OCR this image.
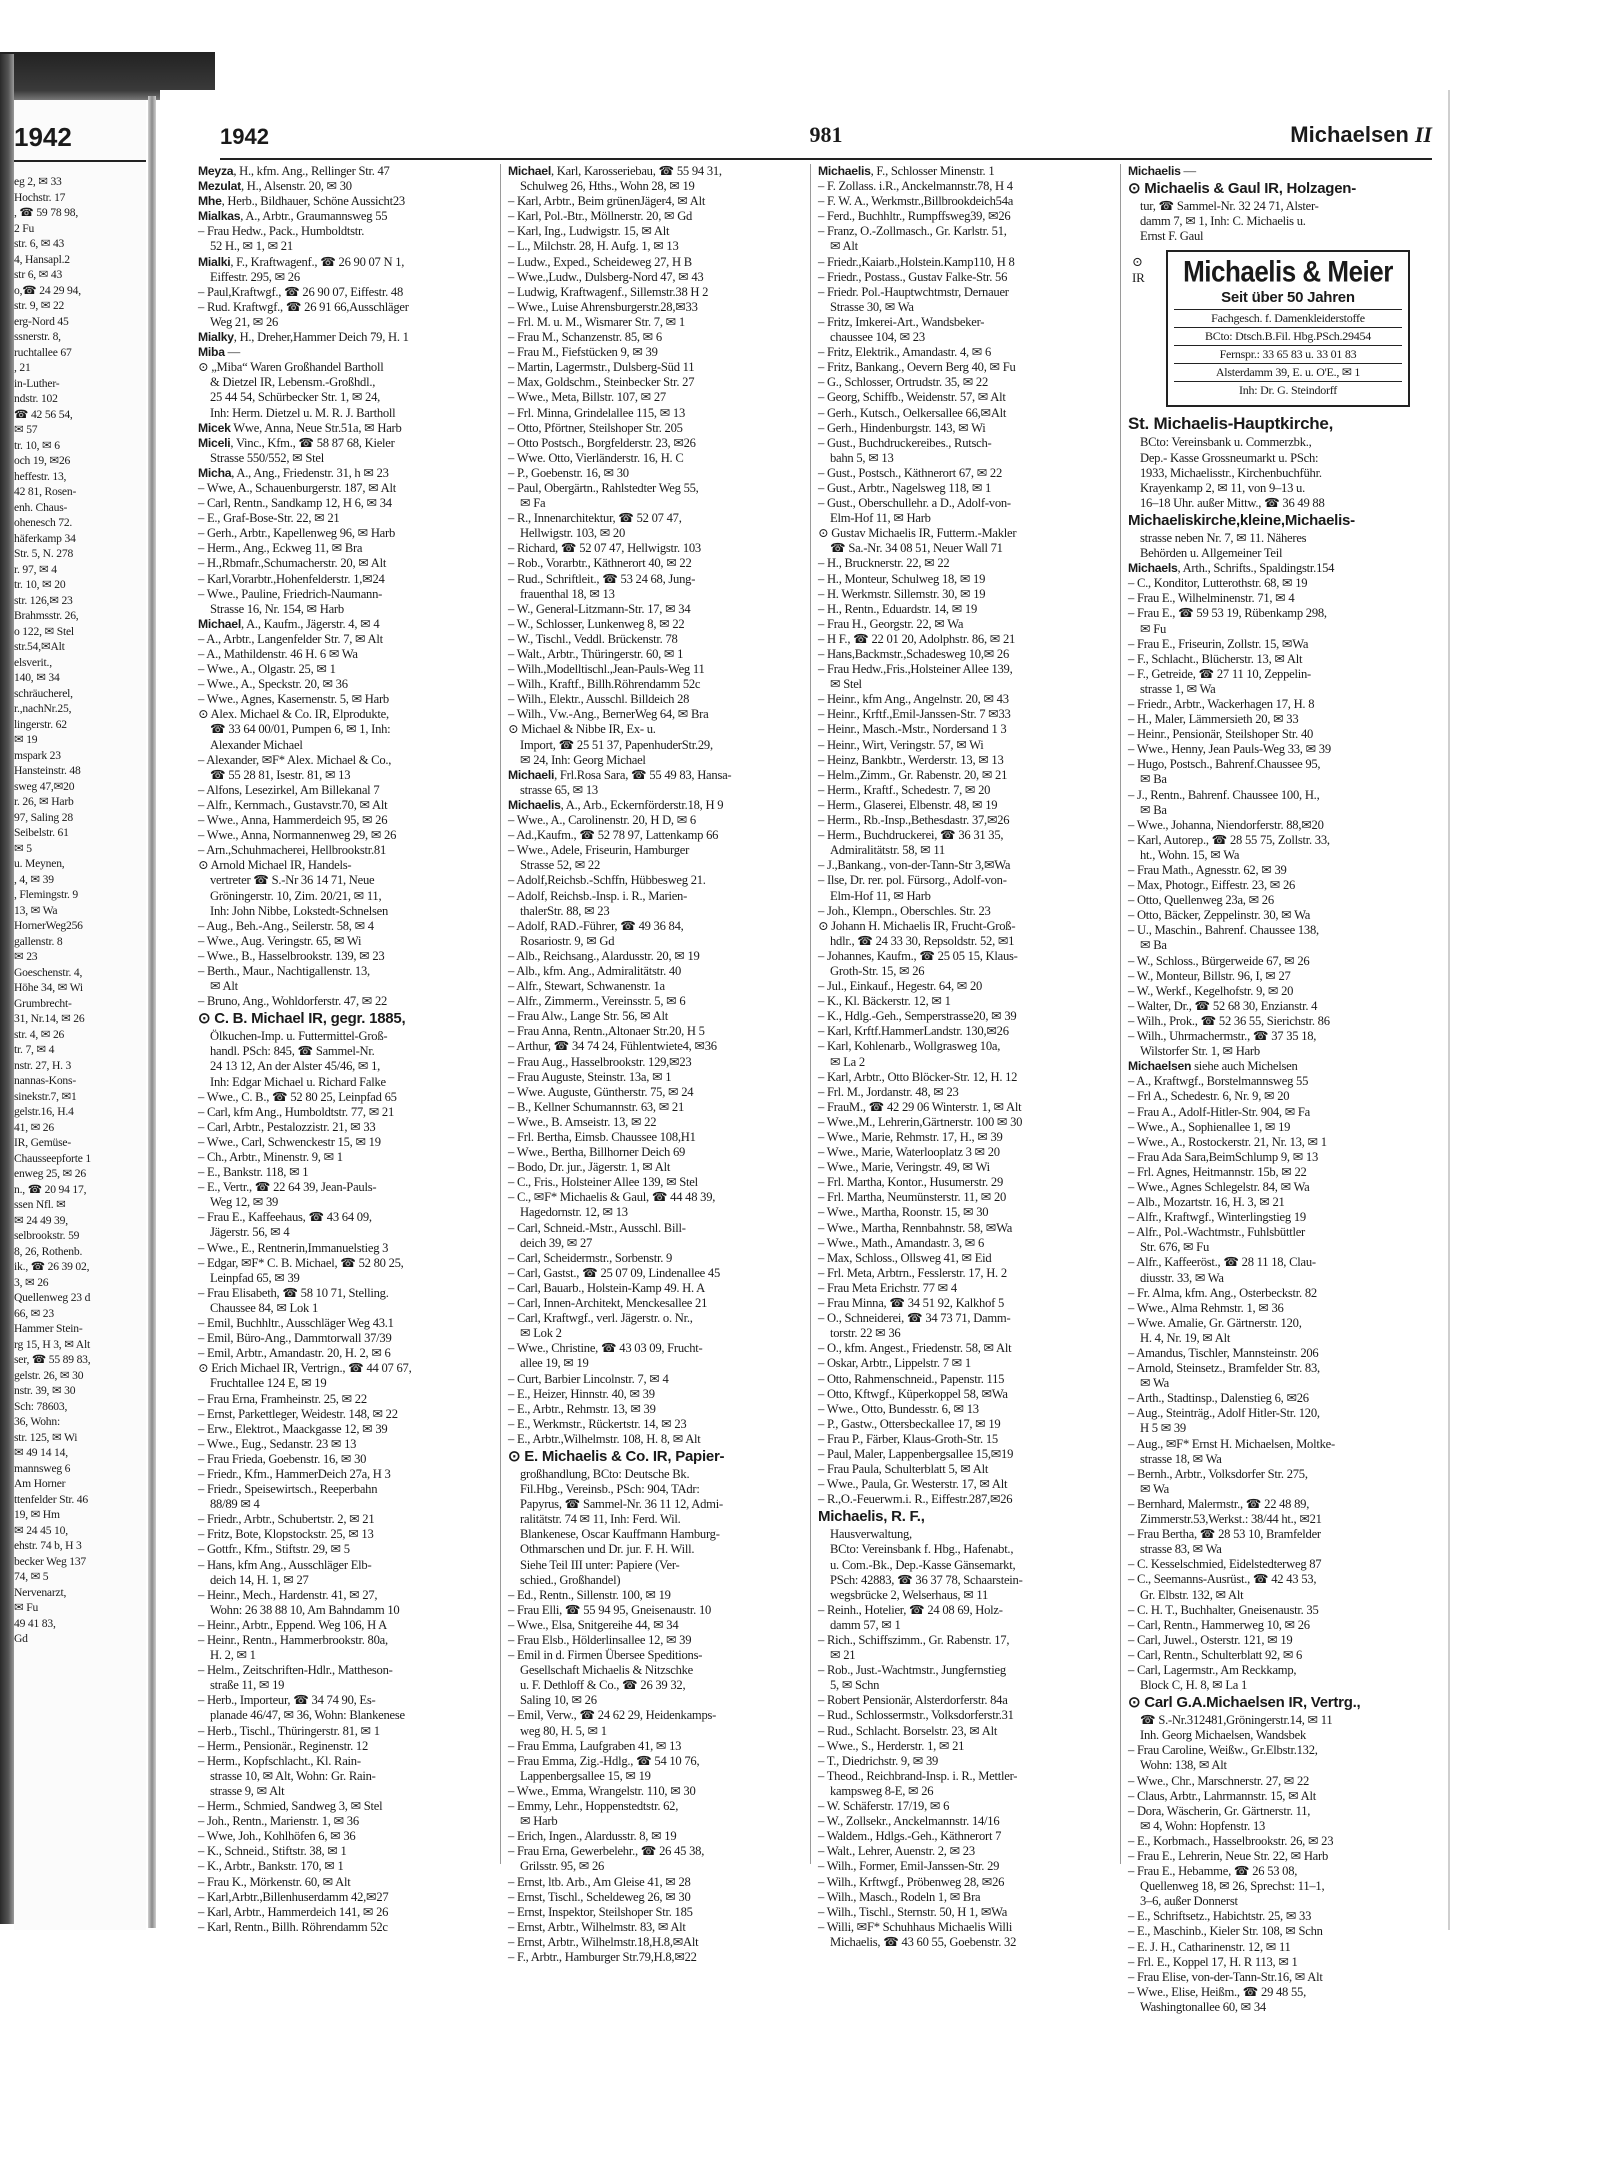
1942
eg 2, ✉ 33
Hochstr. 17
, ☎ 59 78 98,
2 Fu
str. 6, ✉ 43
4, Hansapl.2
str 6, ✉ 43
o,☎ 24 29 94,
str. 9, ✉ 22
erg-Nord 45
ssnerstr. 8,
ruchtallee 67
, 21
in-Luther-
ndstr. 102
☎ 42 56 54,
✉ 57
tr. 10, ✉ 6
och 19, ✉26
heffestr. 13,
42 81, Rosen-
enh. Chaus-
ohenesch 72.
häferkamp 34
Str. 5, N. 278
r. 97, ✉ 4
tr. 10, ✉ 20
str. 126,✉ 23
Brahmsstr. 26,
o 122, ✉ Stel
str.54,✉Alt
elsverit.,
140, ✉ 34
schräucherel,
r.,nachNr.25,
lingerstr. 62
✉ 19
mspark 23
Hansteinstr. 48
sweg 47,✉20
r. 26, ✉ Harb
97, Saling 28
Seibelstr. 61
✉ 5
u. Meynen,
, 4, ✉ 39
, Flemingstr. 9
13, ✉ Wa
HornerWeg256
gallenstr. 8
✉ 23
Goeschenstr. 4,
Höhe 34, ✉ Wi
Grumbrecht-
31, Nr.14, ✉ 26
str. 4, ✉ 26
tr. 7, ✉ 4
nstr. 27, H. 3
nannas-Kons-
sinekstr.7, ✉1
gelstr.16, H.4
41, ✉ 26
IR, Gemüse-
Chausseepforte 1
enweg 25, ✉ 26
n., ☎ 20 94 17,
ssen Nfl. ✉
✉ 24 49 39,
selbrookstr. 59
8, 26, Rothenb.
ik., ☎ 26 39 02,
3, ✉ 26
Quellenweg 23 d
66, ✉ 23
Hammer Stein-
rg 15, H 3, ✉ Alt
ser, ☎ 55 89 83,
gelstr. 26, ✉ 30
nstr. 39, ✉ 30
Sch: 78603,
36, Wohn:
str. 125, ✉ Wi
✉ 49 14 14,
mannsweg 6
Am Horner
ttenfelder Str. 46
19, ✉ Hm
✉ 24 45 10,
ehstr. 74 b, H 3
becker Weg 137
74, ✉ 5
Nervenarzt,
✉ Fu
49 41 83,
Gd
1942	981	Michaelsen II
Meyza, H., kfm. Ang., Rellinger Str. 47
Mezulat, H., Alsenstr. 20, ✉ 30
Mhe, Herb., Bildhauer, Schöne Aussicht23
Mialkas, A., Arbtr., Graumannsweg 55
– Frau Hedw., Pack., Humboldtstr.
52 H., ✉ 1, ✉ 21
Mialki, F., Kraftwagenf., ☎ 26 90 07 N 1,
Eiffestr. 295, ✉ 26
– Paul,Kraftwgf., ☎ 26 90 07, Eiffestr. 48
– Rud. Kraftwgf., ☎ 26 91 66,Ausschläger
Weg 21, ✉ 26
Mialky, H., Dreher,Hammer Deich 79, H. 1
Miba —
⊙ „Miba“ Waren Großhandel Bartholl
& Dietzel IR, Lebensm.-Großhdl.,
25 44 54, Schürbecker Str. 1, ✉ 24,
Inh: Herm. Dietzel u. M. R. J. Bartholl
Micek Wwe, Anna, Neue Str.51a, ✉ Harb
Miceli, Vinc., Kfm., ☎ 58 87 68, Kieler
Strasse 550/552, ✉ Stel
Micha, A., Ang., Friedenstr. 31, h ✉ 23
– Wwe, A., Schauenburgerstr. 187, ✉ Alt
– Carl, Rentn., Sandkamp 12, H 6, ✉ 34
– E., Graf-Bose-Str. 22, ✉ 21
– Gerh., Arbtr., Kapellenweg 96, ✉ Harb
– Herm., Ang., Eckweg 11, ✉ Bra
– H.,Rbmafr.,Schumacherstr. 20, ✉ Alt
– Karl,Vorarbtr.,Hohenfelderstr. 1,✉24
– Wwe., Pauline, Friedrich-Naumann-
Strasse 16, Nr. 154, ✉ Harb
Michael, A., Kaufm., Jägerstr. 4, ✉ 4
– A., Arbtr., Langenfelder Str. 7, ✉ Alt
– A., Mathildenstr. 46 H. 6 ✉ Wa
– Wwe., A., Olgastr. 25, ✉ 1
– Wwe., A., Speckstr. 20, ✉ 36
– Wwe., Agnes, Kasernenstr. 5, ✉ Harb
⊙ Alex. Michael & Co. IR, Elprodukte,
☎ 33 64 00/01, Pumpen 6, ✉ 1, Inh:
Alexander Michael
– Alexander, ✉F* Alex. Michael & Co.,
☎ 55 28 81, Isestr. 81, ✉ 13
– Alfons, Lesezirkel, Am Billekanal 7
– Alfr., Kernmach., Gustavstr.70, ✉ Alt
– Wwe., Anna, Hammerdeich 95, ✉ 26
– Wwe., Anna, Normannenweg 29, ✉ 26
– Arn.,Schuhmacherei, Hellbrookstr.81
⊙ Arnold Michael IR, Handels-
vertreter ☎ S.-Nr 36 14 71, Neue
Gröningerstr. 10, Zim. 20/21, ✉ 11,
Inh: John Nibbe, Lokstedt-Schnelsen
– Aug., Beh.-Ang., Seilerstr. 58, ✉ 4
– Wwe., Aug. Veringstr. 65, ✉ Wi
– Wwe., B., Hasselbrookstr. 139, ✉ 23
– Berth., Maur., Nachtigallenstr. 13,
✉ Alt
– Bruno, Ang., Wohldorferstr. 47, ✉ 22
⊙ C. B. Michael IR, gegr. 1885,
Ölkuchen-Imp. u. Futtermittel-Groß-
handl. PSch: 845, ☎ Sammel-Nr.
24 13 12, An der Alster 45/46, ✉ 1,
Inh: Edgar Michael u. Richard Falke
– Wwe., C. B., ☎ 52 80 25, Leinpfad 65
– Carl, kfm Ang., Humboldtstr. 77, ✉ 21
– Carl, Arbtr., Pestalozzistr. 21, ✉ 33
– Wwe., Carl, Schwenckestr 15, ✉ 19
– Ch., Arbtr., Minenstr. 9, ✉ 1
– E., Bankstr. 118, ✉ 1
– E., Vertr., ☎ 22 64 39, Jean-Pauls-
Weg 12, ✉ 39
– Frau E., Kaffeehaus, ☎ 43 64 09,
Jägerstr. 56, ✉ 4
– Wwe., E., Rentnerin,Immanuelstieg 3
– Edgar, ✉F* C. B. Michael, ☎ 52 80 25,
Leinpfad 65, ✉ 39
– Frau Elisabeth, ☎ 58 10 71, Stelling.
Chaussee 84, ✉ Lok 1
– Emil, Buchhltr., Ausschläger Weg 43.1
– Emil, Büro-Ang., Dammtorwall 37/39
– Emil, Arbtr., Amandastr. 20, H. 2, ✉ 6
⊙ Erich Michael IR, Vertrign., ☎ 44 07 67,
Fruchtallee 124 E, ✉ 19
– Frau Erna, Framheinstr. 25, ✉ 22
– Ernst, Parkettleger, Weidestr. 148, ✉ 22
– Erw., Elektrot., Maackgasse 12, ✉ 39
– Wwe., Eug., Sedanstr. 23 ✉ 13
– Frau Frieda, Goebenstr. 16, ✉ 30
– Friedr., Kfm., HammerDeich 27a, H 3
– Friedr., Speisewirtsch., Reeperbahn
88/89 ✉ 4
– Friedr., Arbtr., Schubertstr. 2, ✉ 21
– Fritz, Bote, Klopstockstr. 25, ✉ 13
– Gottfr., Kfm., Stiftstr. 29, ✉ 5
– Hans, kfm Ang., Ausschläger Elb-
deich 14, H. 1, ✉ 27
– Heinr., Mech., Hardenstr. 41, ✉ 27,
Wohn: 26 38 88 10, Am Bahndamm 10
– Heinr., Arbtr., Eppend. Weg 106, H A
– Heinr., Rentn., Hammerbrookstr. 80a,
H. 2, ✉ 1
– Helm., Zeitschriften-Hdlr., Mattheson-
straße 11, ✉ 19
– Herb., Importeur, ☎ 34 74 90, Es-
planade 46/47, ✉ 36, Wohn: Blankenese
– Herb., Tischl., Thüringerstr. 81, ✉ 1
– Herm., Pensionär., Reginenstr. 12
– Herm., Kopfschlacht., Kl. Rain-
strasse 10, ✉ Alt, Wohn: Gr. Rain-
strasse 9, ✉ Alt
– Herm., Schmied, Sandweg 3, ✉ Stel
– Joh., Rentn., Marienstr. 1, ✉ 36
– Wwe, Joh., Kohlhöfen 6, ✉ 36
– K., Schneid., Stiftstr. 38, ✉ 1
– K., Arbtr., Bankstr. 170, ✉ 1
– Frau K., Mörkenstr. 60, ✉ Alt
– Karl,Arbtr.,Billenhuserdamm 42,✉27
– Karl, Arbtr., Hammerdeich 141, ✉ 26
– Karl, Rentn., Billh. Röhrendamm 52c
Michael, Karl, Karosseriebau, ☎ 55 94 31,
Schulweg 26, Hths., Wohn 28, ✉ 19
– Karl, Arbtr., Beim grünenJäger4, ✉ Alt
– Karl, Pol.-Btr., Möllnerstr. 20, ✉ Gd
– Karl, Ing., Ludwigstr. 15, ✉ Alt
– L., Milchstr. 28, H. Aufg. 1, ✉ 13
– Ludw., Exped., Scheideweg 27, H B
– Wwe.,Ludw., Dulsberg-Nord 47, ✉ 43
– Ludwig, Kraftwagenf., Sillemstr.38 H 2
– Wwe., Luise Ahrensburgerstr.28,✉33
– Frl. M. u. M., Wismarer Str. 7, ✉ 1
– Frau M., Schanzenstr. 85, ✉ 6
– Frau M., Fiefstücken 9, ✉ 39
– Martin, Lagermstr., Dulsberg-Süd 11
– Max, Goldschm., Steinbecker Str. 27
– Wwe., Meta, Billstr. 107, ✉ 27
– Frl. Minna, Grindelallee 115, ✉ 13
– Otto, Pförtner, Steilshoper Str. 205
– Otto Postsch., Borgfelderstr. 23, ✉26
– Wwe. Otto, Vierländerstr. 16, H. C
– P., Goebenstr. 16, ✉ 30
– Paul, Obergärtn., Rahlstedter Weg 55,
✉ Fa
– R., Innenarchitektur, ☎ 52 07 47,
Hellwigstr. 103, ✉ 20
– Richard, ☎ 52 07 47, Hellwigstr. 103
– Rob., Vorarbtr., Käthnerort 40, ✉ 22
– Rud., Schriftleit., ☎ 53 24 68, Jung-
frauenthal 18, ✉ 13
– W., General-Litzmann-Str. 17, ✉ 34
– W., Schlosser, Lunkenweg 8, ✉ 22
– W., Tischl., Veddl. Brückenstr. 78
– Walt., Arbtr., Thüringerstr. 60, ✉ 1
– Wilh.,Modelltischl.,Jean-Pauls-Weg 11
– Wilh., Kraftf., Billh.Röhrendamm 52c
– Wilh., Elektr., Ausschl. Billdeich 28
– Wilh., Vw.-Ang., BernerWeg 64, ✉ Bra
⊙ Michael & Nibbe IR, Ex- u.
Import, ☎ 25 51 37, PapenhuderStr.29,
✉ 24, Inh: Georg Michael
Michaeli, Frl.Rosa Sara, ☎ 55 49 83, Hansa-
strasse 65, ✉ 13
Michaelis, A., Arb., Eckernförderstr.18, H 9
– Wwe., A., Carolinenstr. 20, H D, ✉ 6
– Ad.,Kaufm., ☎ 52 78 97, Lattenkamp 66
– Wwe., Adele, Friseurin, Hamburger
Strasse 52, ✉ 22
– Adolf,Reichsb.-Schffn, Hübbesweg 21.
– Adolf, Reichsb.-Insp. i. R., Marien-
thalerStr. 88, ✉ 23
– Adolf, RAD.-Führer, ☎ 49 36 84,
Rosariostr. 9, ✉ Gd
– Alb., Reichsang., Alardusstr. 20, ✉ 19
– Alb., kfm. Ang., Admiralitätstr. 40
– Alfr., Stewart, Schwanenstr. 1a
– Alfr., Zimmerm., Vereinsstr. 5, ✉ 6
– Frau Alw., Lange Str. 56, ✉ Alt
– Frau Anna, Rentn.,Altonaer Str.20, H 5
– Arthur, ☎ 34 74 24, Fühlentwiete4, ✉36
– Frau Aug., Hasselbrookstr. 129,✉23
– Frau Auguste, Steinstr. 13a, ✉ 1
– Wwe. Auguste, Güntherstr. 75, ✉ 24
– B., Kellner Schumannstr. 63, ✉ 21
– Wwe., B. Amseistr. 13, ✉ 22
– Frl. Bertha, Eimsb. Chaussee 108,H1
– Wwe., Bertha, Billhorner Deich 69
– Bodo, Dr. jur., Jägerstr. 1, ✉ Alt
– C., Fris., Holsteiner Allee 139, ✉ Stel
– C., ✉F* Michaelis & Gaul, ☎ 44 48 39,
Hagedornstr. 12, ✉ 13
– Carl, Schneid.-Mstr., Ausschl. Bill-
deich 39, ✉ 27
– Carl, Scheidermstr., Sorbenstr. 9
– Carl, Gastst., ☎ 25 07 09, Lindenallee 45
– Carl, Bauarb., Holstein-Kamp 49. H. A
– Carl, Innen-Architekt, Menckesallee 21
– Carl, Kraftwgf., verl. Jägerstr. o. Nr.,
✉ Lok 2
– Wwe., Christine, ☎ 43 03 09, Frucht-
allee 19, ✉ 19
– Curt, Barbier Lincolnstr. 7, ✉ 4
– E., Heizer, Hinnstr. 40, ✉ 39
– E., Arbtr., Rehmstr. 13, ✉ 39
– E., Werkmstr., Rückertstr. 14, ✉ 23
– E., Arbtr.,Wilhelmstr. 108, H. 8, ✉ Alt
⊙ E. Michaelis & Co. IR, Papier-
großhandlung, BCto: Deutsche Bk.
Fil.Hbg., Vereinsb., PSch: 904, TAdr:
Papyrus, ☎ Sammel-Nr. 36 11 12, Admi-
ralitätstr. 74 ✉ 11, Inh: Ferd. Wil.
Blankenese, Oscar Kauffmann Hamburg-
Othmarschen und Dr. jur. F. H. Will.
Siehe Teil III unter: Papiere (Ver-
schied., Großhandel)
– Ed., Rentn., Sillenstr. 100, ✉ 19
– Frau Elli, ☎ 55 94 95, Gneisenaustr. 10
– Wwe., Elsa, Snitgereihe 44, ✉ 34
– Frau Elsb., Hölderlinsallee 12, ✉ 39
– Emil in d. Firmen Übersee Speditions-
Gesellschaft Michaelis & Nitzschke
u. F. Dethloff & Co., ☎ 26 39 32,
Saling 10, ✉ 26
– Emil, Verw., ☎ 24 62 29, Heidenkamps-
weg 80, H. 5, ✉ 1
– Frau Emma, Laufgraben 41, ✉ 13
– Frau Emma, Zig.-Hdlg., ☎ 54 10 76,
Lappenbergsallee 15, ✉ 19
– Wwe., Emma, Wrangelstr. 110, ✉ 30
– Emmy, Lehr., Hoppenstedtstr. 62,
✉ Harb
– Erich, Ingen., Alardusstr. 8, ✉ 19
– Frau Erna, Gewerbelehr., ☎ 26 45 38,
Grilsstr. 95, ✉ 26
– Ernst, ltb. Arb., Am Gleise 41, ✉ 28
– Ernst, Tischl., Scheldeweg 26, ✉ 30
– Ernst, Inspektor, Steilshoper Str. 185
– Ernst, Arbtr., Wilhelmstr. 83, ✉ Alt
– Ernst, Arbtr., Wilhelmstr.18,H.8,✉Alt
– F., Arbtr., Hamburger Str.79,H.8,✉22
Michaelis, F., Schlosser Minenstr. 1
– F. Zollass. i.R., Anckelmannstr.78, H 4
– F. W. A., Werkmstr.,Billbrookdeich54a
– Ferd., Buchhltr., Rumpffsweg39, ✉26
– Franz, O.-Zollmasch., Gr. Karlstr. 51,
✉ Alt
– Friedr.,Kaiarb.,Holstein.Kamp110, H 8
– Friedr., Postass., Gustav Falke-Str. 56
– Friedr. Pol.-Hauptwchtmstr, Dernauer
Strasse 30, ✉ Wa
– Fritz, Imkerei-Art., Wandsbeker-
chaussee 104, ✉ 23
– Fritz, Elektrik., Amandastr. 4, ✉ 6
– Fritz, Bankang., Oevern Berg 40, ✉ Fu
– G., Schlosser, Ortrudstr. 35, ✉ 22
– Georg, Schiffb., Weidenstr. 57, ✉ Alt
– Gerh., Kutsch., Oelkersallee 66,✉Alt
– Gerh., Hindenburgstr. 143, ✉ Wi
– Gust., Buchdruckereibes., Rutsch-
bahn 5, ✉ 13
– Gust., Postsch., Käthnerort 67, ✉ 22
– Gust., Arbtr., Nagelsweg 118, ✉ 1
– Gust., Oberschullehr. a D., Adolf-von-
Elm-Hof 11, ✉ Harb
⊙ Gustav Michaelis IR, Futterm.-Makler
☎ Sa.-Nr. 34 08 51, Neuer Wall 71
– H., Brucknerstr. 22, ✉ 22
– H., Monteur, Schulweg 18, ✉ 19
– H. Werkmstr. Sillemstr. 30, ✉ 19
– H., Rentn., Eduardstr. 14, ✉ 19
– Frau H., Georgstr. 22, ✉ Wa
– H F., ☎ 22 01 20, Adolphstr. 86, ✉ 21
– Hans,Backmstr.,Schadesweg 10,✉ 26
– Frau Hedw.,Fris.,Holsteiner Allee 139,
✉ Stel
– Heinr., kfm Ang., Angelnstr. 20, ✉ 43
– Heinr., Krftf.,Emil-Janssen-Str. 7 ✉33
– Heinr., Masch.-Mstr., Nordersand 1 3
– Heinr., Wirt, Veringstr. 57, ✉ Wi
– Heinz, Bankbtr., Werderstr. 13, ✉ 13
– Helm.,Zimm., Gr. Rabenstr. 20, ✉ 21
– Herm., Kraftf., Schedestr. 7, ✉ 20
– Herm., Glaserei, Elbenstr. 48, ✉ 19
– Herm., Rb.-Insp.,Bethesdastr. 37,✉26
– Herm., Buchdruckerei, ☎ 36 31 35,
Admiralitätstr. 58, ✉ 11
– J.,Bankang., von-der-Tann-Str 3,✉Wa
– Ilse, Dr. rer. pol. Fürsorg., Adolf-von-
Elm-Hof 11, ✉ Harb
– Joh., Klempn., Oberschles. Str. 23
⊙ Johann H. Michaelis IR, Frucht-Groß-
hdlr., ☎ 24 33 30, Repsoldstr. 52, ✉1
– Johannes, Kaufm., ☎ 25 05 15, Klaus-
Groth-Str. 15, ✉ 26
– Jul., Einkauf., Hegestr. 64, ✉ 20
– K., Kl. Bäckerstr. 12, ✉ 1
– K., Hdlg.-Geh., Semperstrasse20, ✉ 39
– Karl, Krftf.HammerLandstr. 130,✉26
– Karl, Kohlenarb., Wollgrasweg 10a,
✉ La 2
– Karl, Arbtr., Otto Blöcker-Str. 12, H. 12
– Frl. M., Jordanstr. 48, ✉ 23
– FrauM., ☎ 42 29 06 Winterstr. 1, ✉ Alt
– Wwe.,M., Lehrerin,Gärtnerstr. 100 ✉ 30
– Wwe., Marie, Rehmstr. 17, H., ✉ 39
– Wwe., Marie, Waterlooplatz 3 ✉ 20
– Wwe., Marie, Veringstr. 49, ✉ Wi
– Frl. Martha, Kontor., Husumerstr. 29
– Frl. Martha, Neumünsterstr. 11, ✉ 20
– Wwe., Martha, Roonstr. 15, ✉ 30
– Wwe., Martha, Rennbahnstr. 58, ✉Wa
– Wwe., Math., Amandastr. 3, ✉ 6
– Max, Schloss., Ollsweg 41, ✉ Eid
– Frl. Meta, Arbtrn., Fesslerstr. 17, H. 2
– Frau Meta Erichstr. 77 ✉ 4
– Frau Minna, ☎ 34 51 92, Kalkhof 5
– O., Schneiderei, ☎ 34 73 71, Damm-
torstr. 22 ✉ 36
– O., kfm. Angest., Friedenstr. 58, ✉ Alt
– Oskar, Arbtr., Lippelstr. 7 ✉ 1
– Otto, Rahmenschneid., Papenstr. 115
– Otto, Kftwgf., Küperkoppel 58, ✉Wa
– Wwe., Otto, Bundesstr. 6, ✉ 13
– P., Gastw., Ottersbeckallee 17, ✉ 19
– Frau P., Färber, Klaus-Groth-Str. 15
– Paul, Maler, Lappenbergsallee 15,✉19
– Frau Paula, Schulterblatt 5, ✉ Alt
– Wwe., Paula, Gr. Westerstr. 17, ✉ Alt
– R.,O.-Feuerwm.i. R., Eiffestr.287,✉26
Michaelis, R. F.,
Hausverwaltung,
BCto: Vereinsbank f. Hbg., Hafenabt.,
u. Com.-Bk., Dep.-Kasse Gänsemarkt,
PSch: 42883, ☎ 36 37 78, Schaarstein-
wegsbrücke 2, Welserhaus, ✉ 11
– Reinh., Hotelier, ☎ 24 08 69, Holz-
damm 57, ✉ 1
– Rich., Schiffszimm., Gr. Rabenstr. 17,
✉ 21
– Rob., Just.-Wachtmstr., Jungfernstieg
5, ✉ Schn
– Robert Pensionär, Alsterdorferstr. 84a
– Rud., Schlossermstr., Volksdorferstr.31
– Rud., Schlacht. Borselstr. 23, ✉ Alt
– Wwe., S., Herderstr. 1, ✉ 21
– T., Diedrichstr. 9, ✉ 39
– Theod., Reichbrand-Insp. i. R., Mettler-
kampsweg 8-E, ✉ 26
– W. Schäferstr. 17/19, ✉ 6
– W., Zollsekr., Anckelmannstr. 14/16
– Waldem., Hdlgs.-Geh., Käthnerort 7
– Walt., Lehrer, Auenstr. 2, ✉ 23
– Wilh., Former, Emil-Janssen-Str. 29
– Wilh., Krftwgf., Pröbenweg 28, ✉26
– Wilh., Masch., Rodeln 1, ✉ Bra
– Wilh., Tischl., Sternstr. 50, H 1, ✉Wa
– Willi, ✉F* Schuhhaus Michaelis Willi
Michaelis, ☎ 43 60 55, Goebenstr. 32
Michaelis —
⊙ Michaelis & Gaul IR, Holzagen-
tur, ☎ Sammel-Nr. 32 24 71, Alster-
damm 7, ✉ 1, Inh: C. Michaelis u.
Ernst F. Gaul
⊙
IR	Michaelis & Meier
Seit über 50 Jahren
Fachgesch. f. Damenkleiderstoffe
BCto: Dtsch.B.Fil. Hbg.PSch.29454
Fernspr.: 33 65 83 u. 33 01 83
Alsterdamm 39, E. u. O'E., ✉ 1
Inh: Dr. G. Steindorff
St. Michaelis-Hauptkirche,
BCto: Vereinsbank u. Commerzbk.,
Dep.- Kasse Grossneumarkt u. PSch:
1933, Michaelisstr., Kirchenbuchführ.
Krayenkamp 2, ✉ 11, von 9–13 u.
16–18 Uhr. außer Mittw., ☎ 36 49 88
Michaeliskirche,kleine,Michaelis-
strasse neben Nr. 7, ✉ 11. Näheres
Behörden u. Allgemeiner Teil
Michaels, Arth., Schrifts., Spaldingstr.154
– C., Konditor, Lutterothstr. 68, ✉ 19
– Frau E., Wilhelminenstr. 71, ✉ 4
– Frau E., ☎ 59 53 19, Rübenkamp 298,
✉ Fu
– Frau E., Friseurin, Zollstr. 15, ✉Wa
– F., Schlacht., Blücherstr. 13, ✉ Alt
– F., Getreide, ☎ 27 11 10, Zeppelin-
strasse 1, ✉ Wa
– Friedr., Arbtr., Wackerhagen 17, H. 8
– H., Maler, Lämmersieth 20, ✉ 33
– Heinr., Pensionär, Steilshoper Str. 40
– Wwe., Henny, Jean Pauls-Weg 33, ✉ 39
– Hugo, Postsch., Bahrenf.Chaussee 95,
✉ Ba
– J., Rentn., Bahrenf. Chaussee 100, H.,
✉ Ba
– Wwe., Johanna, Niendorferstr. 88,✉20
– Karl, Autorep., ☎ 28 55 75, Zollstr. 33,
ht., Wohn. 15, ✉ Wa
– Frau Math., Agnesstr. 62, ✉ 39
– Max, Photogr., Eiffestr. 23, ✉ 26
– Otto, Quellenweg 23a, ✉ 26
– Otto, Bäcker, Zeppelinstr. 30, ✉ Wa
– U., Maschin., Bahrenf. Chaussee 138,
✉ Ba
– W., Schloss., Bürgerweide 67, ✉ 26
– W., Monteur, Billstr. 96, I, ✉ 27
– W., Werkf., Kegelhofstr. 9, ✉ 20
– Walter, Dr., ☎ 52 68 30, Enzianstr. 4
– Wilh., Prok., ☎ 52 36 55, Sierichstr. 86
– Wilh., Uhrmachermstr., ☎ 37 35 18,
Wilstorfer Str. 1, ✉ Harb
Michaelsen siehe auch Michelsen
– A., Kraftwgf., Borstelmannsweg 55
– Frl A., Schedestr. 6, Nr. 9, ✉ 20
– Frau A., Adolf-Hitler-Str. 904, ✉ Fa
– Wwe., A., Sophienallee 1, ✉ 19
– Wwe., A., Rostockerstr. 21, Nr. 13, ✉ 1
– Frau Ada Sara,BeimSchlump 9, ✉ 13
– Frl. Agnes, Heitmannstr. 15b, ✉ 22
– Wwe., Agnes Schlegelstr. 84, ✉ Wa
– Alb., Mozartstr. 16, H. 3, ✉ 21
– Alfr., Kraftwgf., Winterlingstieg 19
– Alfr., Pol.-Wachtmstr., Fuhlsbüttler
Str. 676, ✉ Fu
– Alfr., Kaffeeröst., ☎ 28 11 18, Clau-
diusstr. 33, ✉ Wa
– Fr. Alma, kfm. Ang., Osterbeckstr. 82
– Wwe., Alma Rehmstr. 1, ✉ 36
– Wwe. Amalie, Gr. Gärtnerstr. 120,
H. 4, Nr. 19, ✉ Alt
– Amandus, Tischler, Mannsteinstr. 206
– Arnold, Steinsetz., Bramfelder Str. 83,
✉ Wa
– Arth., Stadtinsp., Dalenstieg 6, ✉26
– Aug., Steinträg., Adolf Hitler-Str. 120,
H 5 ✉ 39
– Aug., ✉F* Ernst H. Michaelsen, Moltke-
strasse 18, ✉ Wa
– Bernh., Arbtr., Volksdorfer Str. 275,
✉ Wa
– Bernhard, Malermstr., ☎ 22 48 89,
Zimmerstr.53,Werkst.: 38/44 ht., ✉21
– Frau Bertha, ☎ 28 53 10, Bramfelder
strasse 83, ✉ Wa
– C. Kesselschmied, Eidelstedterweg 87
– C., Seemanns-Ausrüst., ☎ 42 43 53,
Gr. Elbstr. 132, ✉ Alt
– C. H. T., Buchhalter, Gneisenaustr. 35
– Carl, Rentn., Hammerweg 10, ✉ 26
– Carl, Juwel., Osterstr. 121, ✉ 19
– Carl, Rentn., Schulterblatt 92, ✉ 6
– Carl, Lagermstr., Am Reckkamp,
Block C, H. 8, ✉ La 1
⊙ Carl G.A.Michaelsen IR, Vertrg.,
☎ S.-Nr.312481,Gröningerstr.14, ✉ 11
Inh. Georg Michaelsen, Wandsbek
– Frau Caroline, Weißw., Gr.Elbstr.132,
Wohn: 138, ✉ Alt
– Wwe., Chr., Marschnerstr. 27, ✉ 22
– Claus, Arbtr., Lahrmannstr. 15, ✉ Alt
– Dora, Wäscherin, Gr. Gärtnerstr. 11,
✉ 4, Wohn: Hopfenstr. 13
– E., Korbmach., Hasselbrookstr. 26, ✉ 23
– Frau E., Lehrerin, Neue Str. 22, ✉ Harb
– Frau E., Hebamme, ☎ 26 53 08,
Quellenweg 18, ✉ 26, Sprechst: 11–1,
3–6, außer Donnerst
– E., Schriftsetz., Habichtstr. 25, ✉ 33
– E., Maschinb., Kieler Str. 108, ✉ Schn
– E. J. H., Catharinenstr. 12, ✉ 11
– Frl. E., Koppel 17, H. R 113, ✉ 1
– Frau Elise, von-der-Tann-Str.16, ✉ Alt
– Wwe., Elise, Heißm., ☎ 29 48 55,
Washingtonallee 60, ✉ 34
